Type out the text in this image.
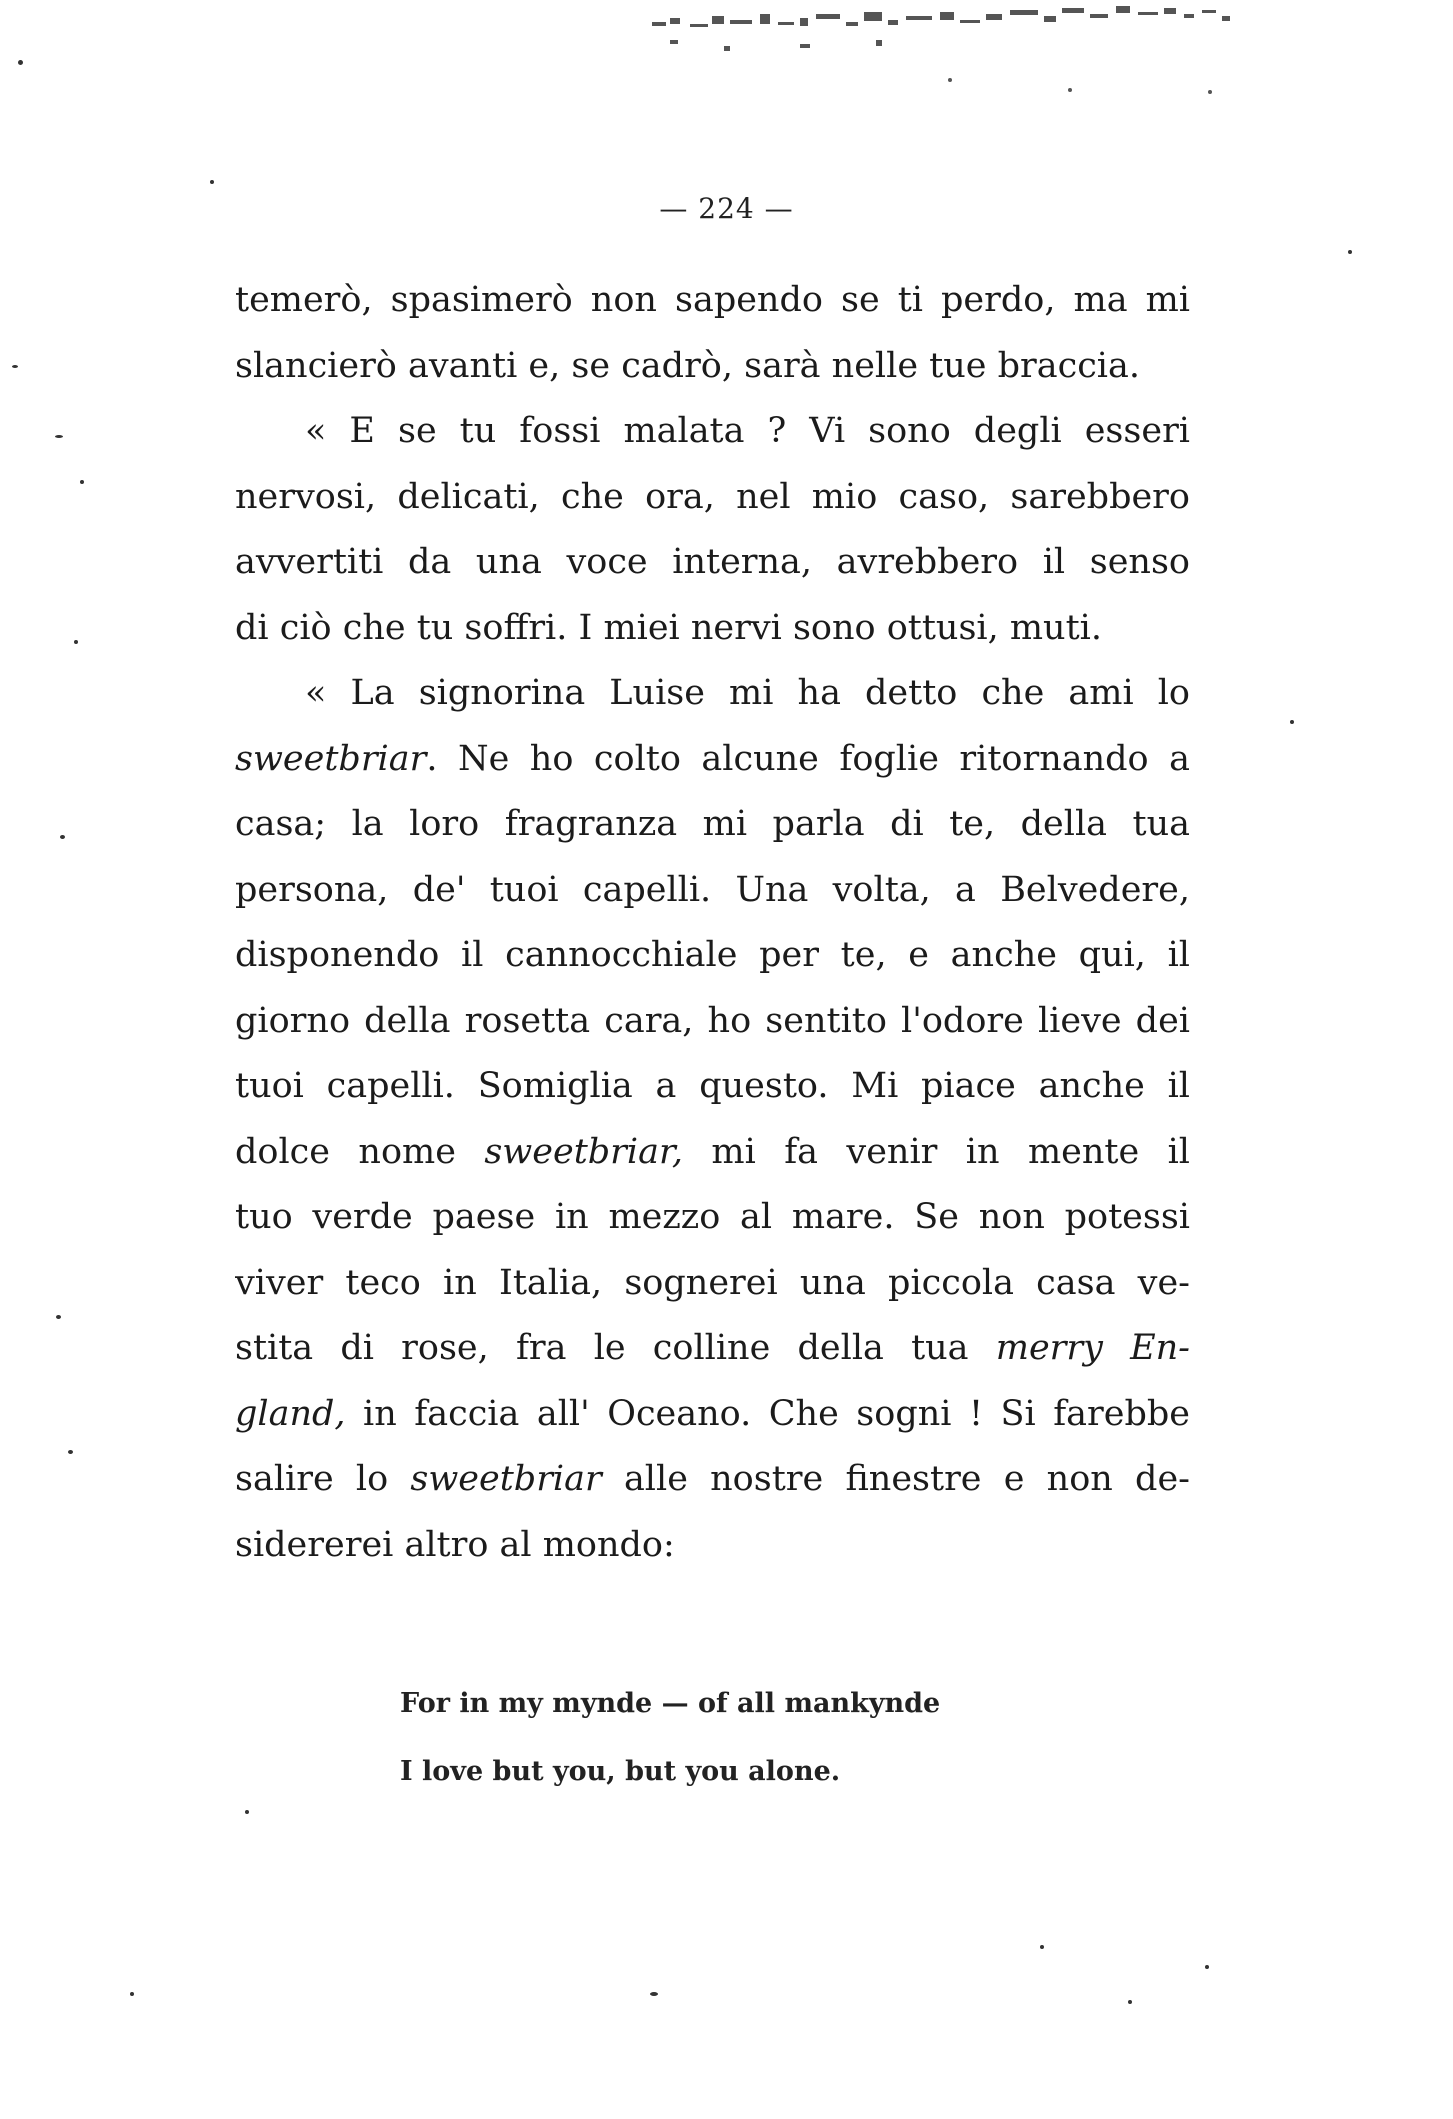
— 224 —
temerò, spasimerò non sapendo se ti perdo, ma mi
slancierò avanti e, se cadrò, sarà nelle tue braccia.
« E se tu fossi malata ? Vi sono degli esseri
nervosi, delicati, che ora, nel mio caso, sarebbero
avvertiti da una voce interna, avrebbero il senso
di ciò che tu soffri. I miei nervi sono ottusi, muti.
« La signorina Luise mi ha detto che ami lo
sweetbriar. Ne ho colto alcune foglie ritornando a
casa; la loro fragranza mi parla di te, della tua
persona, de' tuoi capelli. Una volta, a Belvedere,
disponendo il cannocchiale per te, e anche qui, il
giorno della rosetta cara, ho sentito l'odore lieve dei
tuoi capelli. Somiglia a questo. Mi piace anche il
dolce nome sweetbriar, mi fa venir in mente il
tuo verde paese in mezzo al mare. Se non potessi
viver teco in Italia, sognerei una piccola casa ve-
stita di rose, fra le colline della tua merry En-
gland, in faccia all' Oceano. Che sogni ! Si farebbe
salire lo sweetbriar alle nostre finestre e non de-
sidererei altro al mondo:
For in my mynde — of all mankynde
I love but you, but you alone.
